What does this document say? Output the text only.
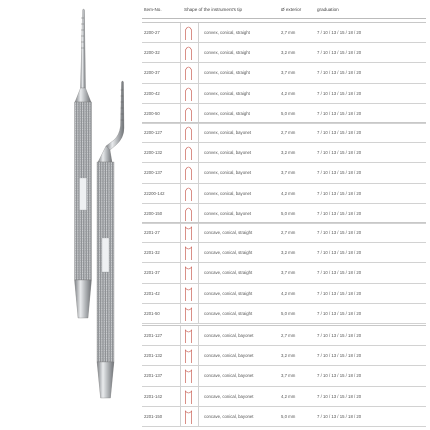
Item-No.	Shape of the instrument's tip	Ø exterior	graduation
2200-27	convex, conical, straight	2,7 mm	7 / 10 / 13 / 15 / 18 / 20
2200-32	convex, conical, straight	3,2 mm	7 / 10 / 13 / 15 / 18 / 20
2200-37	convex, conical, straight	3,7 mm	7 / 10 / 13 / 15 / 18 / 20
2200-42	convex, conical, straight	4,2 mm	7 / 10 / 13 / 15 / 18 / 20
2200-50	convex, conical, straight	5,0 mm	7 / 10 / 13 / 15 / 18 / 20
2200-127	convex, conical, bayonet	2,7 mm	7 / 10 / 13 / 15 / 18 / 20
2200-132	convex, conical, bayonet	3,2 mm	7 / 10 / 13 / 15 / 18 / 20
2200-137	convex, conical, bayonet	3,7 mm	7 / 10 / 13 / 15 / 18 / 20
22200-142	convex, conical, bayonet	4,2 mm	7 / 10 / 13 / 15 / 18 / 20
2200-150	convex, conical, bayonet	5,0 mm	7 / 10 / 13 / 15 / 18 / 20
2201-27	concave, conical, straight	2,7 mm	7 / 10 / 13 / 15 / 18 / 20
2201-32	concave, conical, straight	3,2 mm	7 / 10 / 13 / 15 / 18 / 20
2201-37	concave, conical, straight	3,7 mm	7 / 10 / 13 / 15 / 18 / 20
2201-42	concave, conical, straight	4,2 mm	7 / 10 / 13 / 15 / 18 / 20
2201-50	concave, conical, straight	5,0 mm	7 / 10 / 13 / 15 / 18 / 20
2201-127	concave, conical, bayonet	2,7 mm	7 / 10 / 13 / 15 / 18 / 20
2201-132	concave, conical, bayonet	3,2 mm	7 / 10 / 13 / 15 / 18 / 20
2201-137	concave, conical, bayonet	3,7 mm	7 / 10 / 13 / 15 / 18 / 20
2201-142	concave, conical, bayonet	4,2 mm	7 / 10 / 13 / 15 / 18 / 20
2201-150	concave, conical, bayonet	5,0 mm	7 / 10 / 13 / 15 / 18 / 20
